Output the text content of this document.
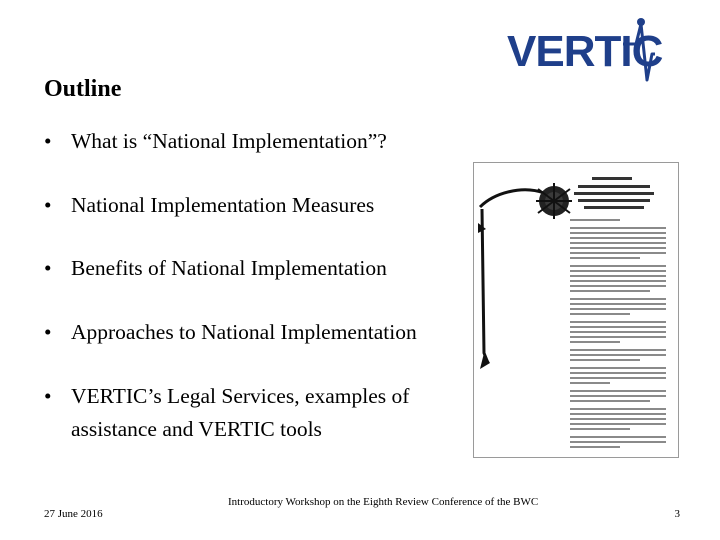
VERTIC
Outline
• What is “National Implementation”?
• National Implementation Measures
• Benefits of National Implementation
• Approaches to National Implementation
• VERTIC’s Legal Services, examples of
assistance and VERTIC tools
27 June 2016
Introductory Workshop on the Eighth Review Conference of the BWC
3
